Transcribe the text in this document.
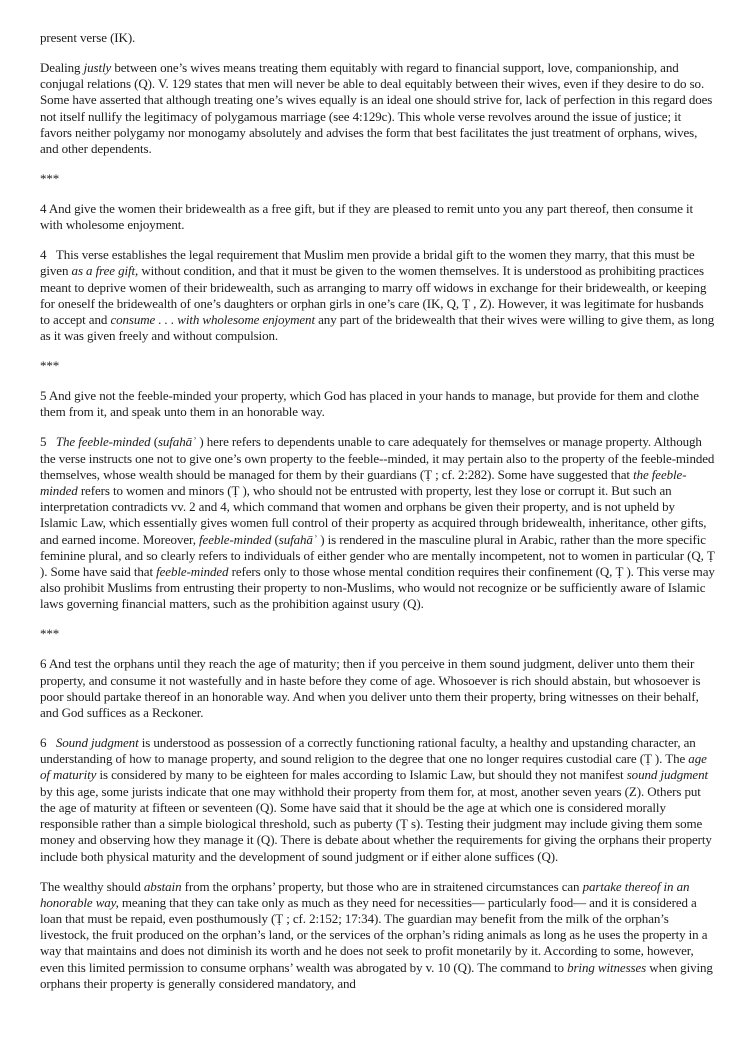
present verse (IK).

Dealing justly between one’s wives means treating them equitably with regard to financial support, love, companionship, and conjugal relations (Q). V. 129 states that men will never be able to deal equitably between their wives, even if they desire to do so. Some have asserted that although treating one’s wives equally is an ideal one should strive for, lack of perfection in this regard does not itself nullify the legitimacy of polygamous marriage (see 4:129c). This whole verse revolves around the issue of justice; it favors neither polygamy nor monogamy absolutely and advises the form that best facilitates the just treatment of orphans, wives, and other dependents.

***

4 And give the women their bridewealth as a free gift, but if they are pleased to remit unto you any part thereof, then consume it with wholesome enjoyment.

4   This verse establishes the legal requirement that Muslim men provide a bridal gift to the women they marry, that this must be given as a free gift, without condition, and that it must be given to the women themselves. It is understood as prohibiting practices meant to deprive women of their bridewealth, such as arranging to marry off widows in exchange for their bridewealth, or keeping for oneself the bridewealth of one’s daughters or orphan girls in one’s care (IK, Q, Ṭ , Z). However, it was legitimate for husbands to accept and consume . . . with wholesome enjoyment any part of the bridewealth that their wives were willing to give them, as long as it was given freely and without compulsion.

***

5 And give not the feeble-minded your property, which God has placed in your hands to manage, but provide for them and clothe them from it, and speak unto them in an honorable way.

5   The feeble-minded (sufahāʾ ) here refers to dependents unable to care adequately for themselves or manage property. Although the verse instructs one not to give one’s own property to the feeble--minded, it may pertain also to the property of the feeble-minded themselves, whose wealth should be managed for them by their guardians (Ṭ ; cf. 2:282). Some have suggested that the feeble-minded refers to women and minors (Ṭ ), who should not be entrusted with property, lest they lose or corrupt it. But such an interpretation contradicts vv. 2 and 4, which command that women and orphans be given their property, and is not upheld by Islamic Law, which essentially gives women full control of their property as acquired through bridewealth, inheritance, other gifts, and earned income. Moreover, feeble-minded (sufahāʾ ) is rendered in the masculine plural in Arabic, rather than the more specific feminine plural, and so clearly refers to individuals of either gender who are mentally incompetent, not to women in particular (Q, Ṭ ). Some have said that feeble-minded refers only to those whose mental condition requires their confinement (Q, Ṭ ). This verse may also prohibit Muslims from entrusting their property to non-Muslims, who would not recognize or be sufficiently aware of Islamic laws governing financial matters, such as the prohibition against usury (Q).

***

6 And test the orphans until they reach the age of maturity; then if you perceive in them sound judgment, deliver unto them their property, and consume it not wastefully and in haste before they come of age. Whosoever is rich should abstain, but whosoever is poor should partake thereof in an honorable way. And when you deliver unto them their property, bring witnesses on their behalf, and God suffices as a Reckoner.

6   Sound judgment is understood as possession of a correctly functioning rational faculty, a healthy and upstanding character, an understanding of how to manage property, and sound religion to the degree that one no longer requires custodial care (Ṭ ). The age of maturity is considered by many to be eighteen for males according to Islamic Law, but should they not manifest sound judgment by this age, some jurists indicate that one may withhold their property from them for, at most, another seven years (Z). Others put the age of maturity at fifteen or seventeen (Q). Some have said that it should be the age at which one is considered morally responsible rather than a simple biological threshold, such as puberty (Ṭ s). Testing their judgment may include giving them some money and observing how they manage it (Q). There is debate about whether the requirements for giving the orphans their property include both physical maturity and the development of sound judgment or if either alone suffices (Q).

The wealthy should abstain from the orphans’ property, but those who are in straitened circumstances can partake thereof in an honorable way, meaning that they can take only as much as they need for necessities— particularly food— and it is considered a loan that must be repaid, even posthumously (Ṭ ; cf. 2:152; 17:34). The guardian may benefit from the milk of the orphan’s livestock, the fruit produced on the orphan’s land, or the services of the orphan’s riding animals as long as he uses the property in a way that maintains and does not diminish its worth and he does not seek to profit monetarily by it. According to some, however, even this limited permission to consume orphans’ wealth was abrogated by v. 10 (Q). The command to bring witnesses when giving orphans their property is generally considered mandatory, and
